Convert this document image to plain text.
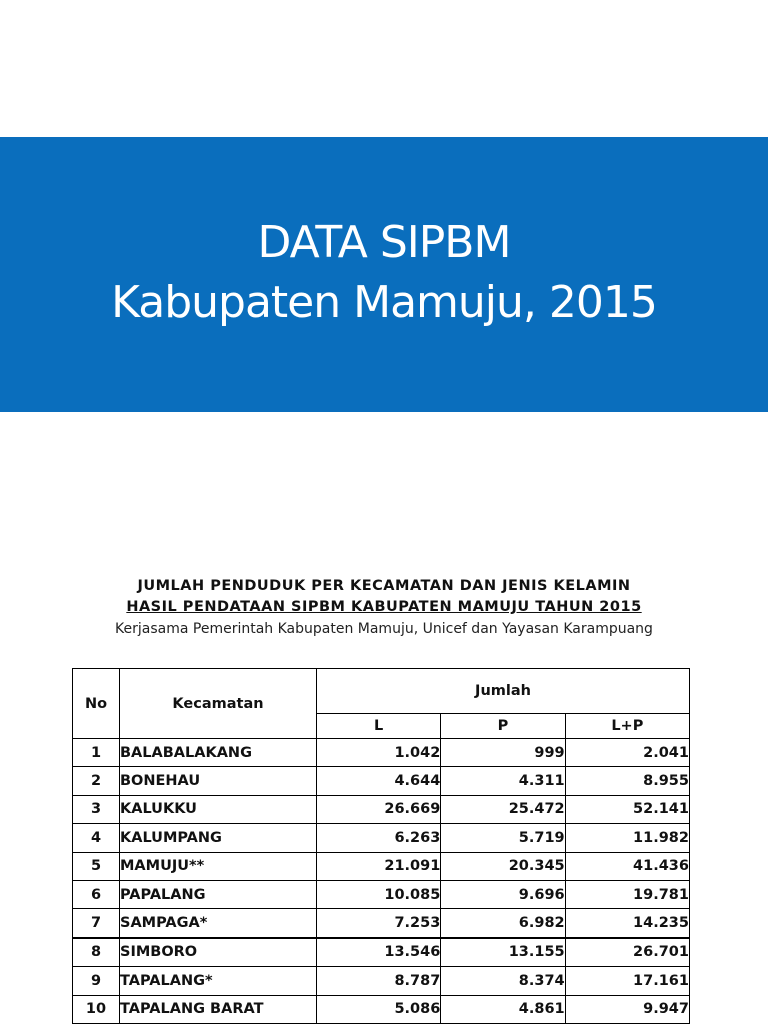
DATA SIPBM
Kabupaten Mamuju, 2015
JUMLAH PENDUDUK PER KECAMATAN DAN JENIS KELAMIN
HASIL PENDATAAN SIPBM KABUPATEN MAMUJU TAHUN 2015
Kerjasama Pemerintah Kabupaten Mamuju, Unicef dan Yayasan Karampuang
No	Kecamatan	Jumlah		
		L	P	L+P
1	BALABALAKANG	1.042	999	2.041
2	BONEHAU	4.644	4.311	8.955
3	KALUKKU	26.669	25.472	52.141
4	KALUMPANG	6.263	5.719	11.982
5	MAMUJU**	21.091	20.345	41.436
6	PAPALANG	10.085	9.696	19.781
7	SAMPAGA*	7.253	6.982	14.235
8	SIMBORO	13.546	13.155	26.701
9	TAPALANG*	8.787	8.374	17.161
10	TAPALANG BARAT	5.086	4.861	9.947
